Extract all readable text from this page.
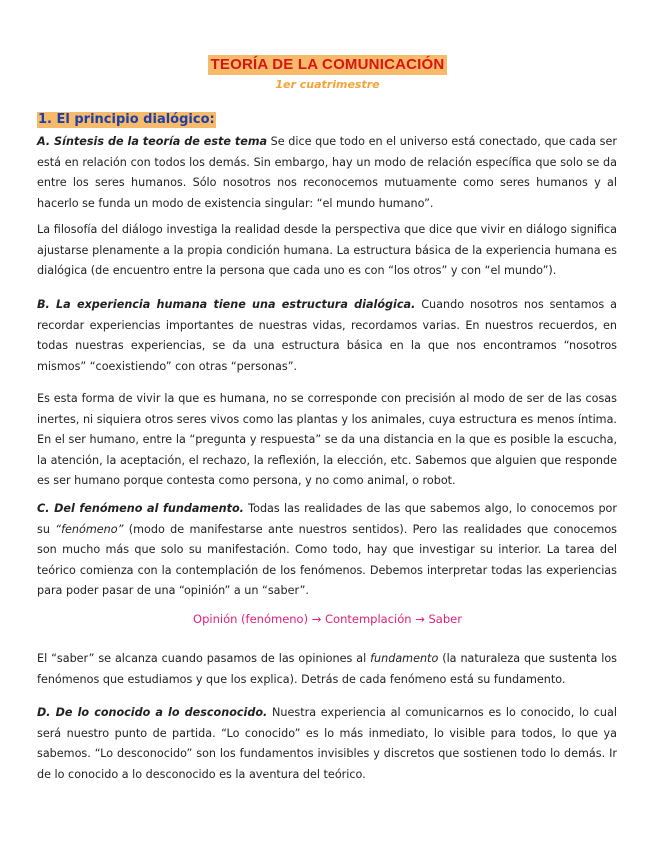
TEORÍA DE LA COMUNICACIÓN
1er cuatrimestre
1. El principio dialógico:

A. Síntesis de la teoría de este tema Se dice que todo en el universo está conectado, que cada ser está en relación con todos los demás. Sin embargo, hay un modo de relación específica que solo se da entre los seres humanos. Sólo nosotros nos reconocemos mutuamente como seres humanos y al hacerlo se funda un modo de existencia singular: “el mundo humano”.

La filosofía del diálogo investiga la realidad desde la perspectiva que dice que vivir en diálogo significa ajustarse plenamente a la propia condición humana. La estructura básica de la experiencia humana es dialógica (de encuentro entre la persona que cada uno es con “los otros” y con “el mundo”).

B. La experiencia humana tiene una estructura dialógica. Cuando nosotros nos sentamos a recordar experiencias importantes de nuestras vidas, recordamos varias. En nuestros recuerdos, en todas nuestras experiencias, se da una estructura básica en la que nos encontramos “nosotros mismos” “coexistiendo” con otras “personas”.

Es esta forma de vivir la que es humana, no se corresponde con precisión al modo de ser de las cosas inertes, ni siquiera otros seres vivos como las plantas y los animales, cuya estructura es menos íntima. En el ser humano, entre la “pregunta y respuesta” se da una distancia en la que es posible la escucha, la atención, la aceptación, el rechazo, la reflexión, la elección, etc. Sabemos que alguien que responde es ser humano porque contesta como persona, y no como animal, o robot.

C. Del fenómeno al fundamento. Todas las realidades de las que sabemos algo, lo conocemos por su “fenómeno” (modo de manifestarse ante nuestros sentidos). Pero las realidades que conocemos son mucho más que solo su manifestación. Como todo, hay que investigar su interior. La tarea del teórico comienza con la contemplación de los fenómenos. Debemos interpretar todas las experiencias para poder pasar de una “opinión” a un “saber”.

Opinión (fenómeno) → Contemplación → Saber

El “saber” se alcanza cuando pasamos de las opiniones al fundamento (la naturaleza que sustenta los fenómenos que estudiamos y que los explica). Detrás de cada fenómeno está su fundamento.

D. De lo conocido a lo desconocido. Nuestra experiencia al comunicarnos es lo conocido, lo cual será nuestro punto de partida. “Lo conocido” es lo más inmediato, lo visible para todos, lo que ya sabemos. “Lo desconocido” son los fundamentos invisibles y discretos que sostienen todo lo demás. Ir de lo conocido a lo desconocido es la aventura del teórico.
